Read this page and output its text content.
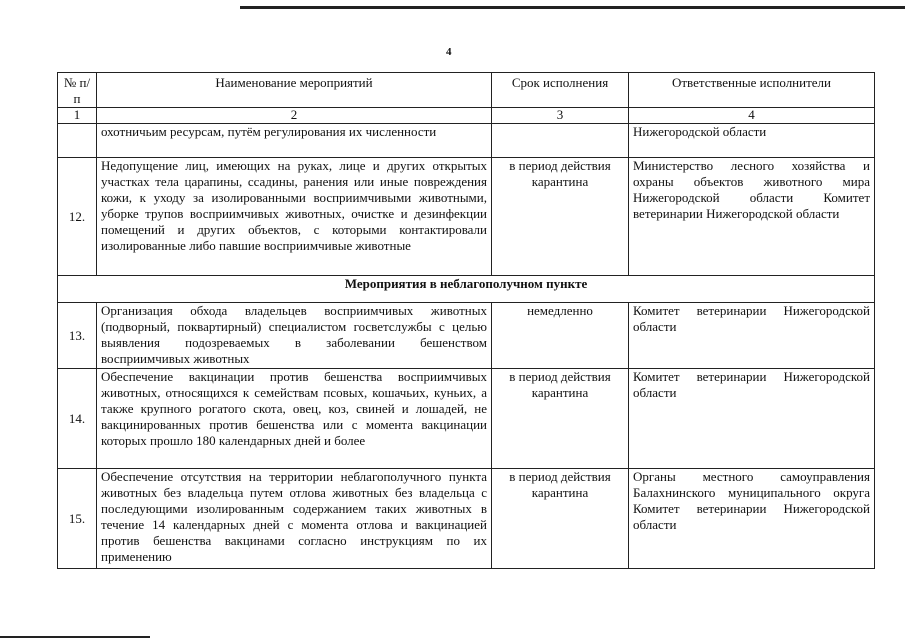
4
№ п/п	Наименование мероприятий	Срок исполнения	Ответственные исполнители
1	2	3	4
	охотничьим ресурсам, путём регулирования их численности		Нижегородской области
12.	Недопущение лиц, имеющих на руках, лице и других открытых участках тела царапины, ссадины, ранения или иные повреждения кожи, к уходу за изолированными восприимчивыми животными, уборке трупов восприимчивых животных, очистке и дезинфекции помещений и других объектов, с которыми контактировали изолированные либо павшие восприимчивые животные	в период действия карантина	Министерство лесного хозяйства и охраны объектов животного мира Нижегородской области Комитет ветеринарии Нижегородской области
Мероприятия в неблагополучном пункте			
13.	Организация обхода владельцев восприимчивых животных (подворный, поквартирный) специалистом госветслужбы с целью выявления подозреваемых в заболевании бешенством восприимчивых животных	немедленно	Комитет ветеринарии Нижегородской области
14.	Обеспечение вакцинации против бешенства восприимчивых животных, относящихся к семействам псовых, кошачьих, куньих, а также крупного рогатого скота, овец, коз, свиней и лошадей, не вакцинированных против бешенства или с момента вакцинации которых прошло 180 календарных дней и более	в период действия карантина	Комитет ветеринарии Нижегородской области
15.	Обеспечение отсутствия на территории неблагополучного пункта животных без владельца путем отлова животных без владельца с последующими изолированным содержанием таких животных в течение 14 календарных дней с момента отлова и вакцинацией против бешенства вакцинами согласно инструкциям по их применению	в период действия карантина	Органы местного самоуправления Балахнинского муниципального округа Комитет ветеринарии Нижегородской области
